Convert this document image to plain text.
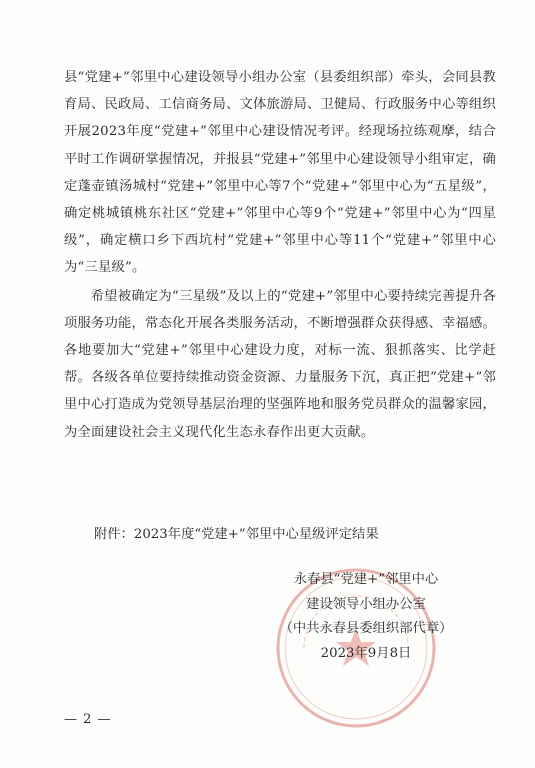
县“党建+”邻里中心建设领导小组办公室（县委组织部）牵头，会同县教育局、民政局、工信商务局、文体旅游局、卫健局、行政服务中心等组织开展2023年度“党建+”邻里中心建设情况考评。经现场拉练观摩，结合平时工作调研掌握情况，并报县“党建+”邻里中心建设领导小组审定，确定蓬壶镇汤城村“党建+”邻里中心等7个“党建+”邻里中心为“五星级”，确定桃城镇桃东社区“党建+”邻里中心等9个“党建+”邻里中心为“四星级”，确定横口乡下西坑村“党建+”邻里中心等11个“党建+”邻里中心为“三星级”。

希望被确定为“三星级”及以上的“党建+”邻里中心要持续完善提升各项服务功能，常态化开展各类服务活动，不断增强群众获得感、幸福感。各地要加大“党建+”邻里中心建设力度，对标一流、狠抓落实、比学赶帮。各级各单位要持续推动资金资源、力量服务下沉，真正把“党建+”邻里中心打造成为党领导基层治理的坚强阵地和服务党员群众的温馨家园，为全面建设社会主义现代化生态永春作出更大贡献。

附件：2023年度“党建+”邻里中心星级评定结果
永春县“党建+”邻里中心
建设领导小组办公室
（中共永春县委组织部代章）
2023年9月8日
— 2 —
